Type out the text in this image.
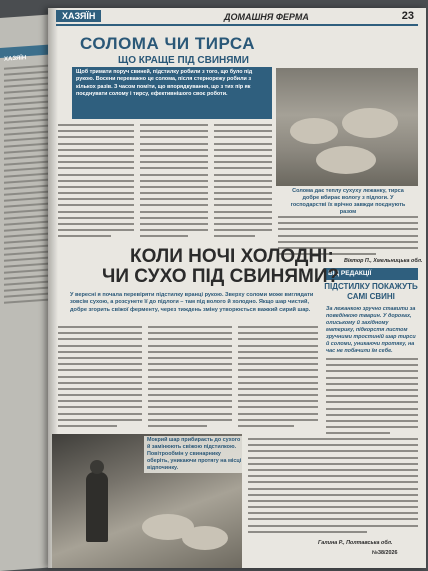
ХАЗЯЇН
ХАЗЯЇН	ДОМАШНЯ ФЕРМА	23
СОЛОМА ЧИ ТИРСА
ЩО КРАЩЕ ПІД СВИНЯМИ
Щоб тримати поруч свиней, підстилку робили з того, що було під рукою. Восени переважно це солома, після стернорежу робили з кількох разів. З часом поміти, що впорядкування, що з тих пір як поєднувати солому і тирсу, ефективнішого своє роботи.
Солома дає теплу сухуху лежанку, тирса добре вбирає вологу з підлоги. У господарстві їх врічно завжди поєднують разом
Віктор П., Хмельницька обл.
ВІД РЕДАКЦІЇ
ПІДСТИЛКУ ПОКАЖУТЬ САМІ СВИНІ
За лежанкою зручно ставити за поведінкою тварин. У дорогах, олиському й західному материку, підкорстя листом зручними тростиній шар тирси й соломи, уникаючи протягу, на час не побачили їм себе.
КОЛИ НОЧІ ХОЛОДНІ:
ЧИ СУХО ПІД СВИНЯМИ?
У вересні я почала перевіряти підстилку вранці рукою. Зверху соломи може виглядати зовсім сухою, а розсунете її до підлоги – там під волого й холодно. Якщо шар чистий, добре згорить свіжої ферменту, через тиждень зміну утворюється важкий сирий шар.
Мокрий шар прибираєть до сухого й замінюють свіжою підстилкою. Повітрообмін у свинарнику оберіть, уникаючи протягу на місці відпочинку.
Галина Р., Полтавська обл.
№38/2026
